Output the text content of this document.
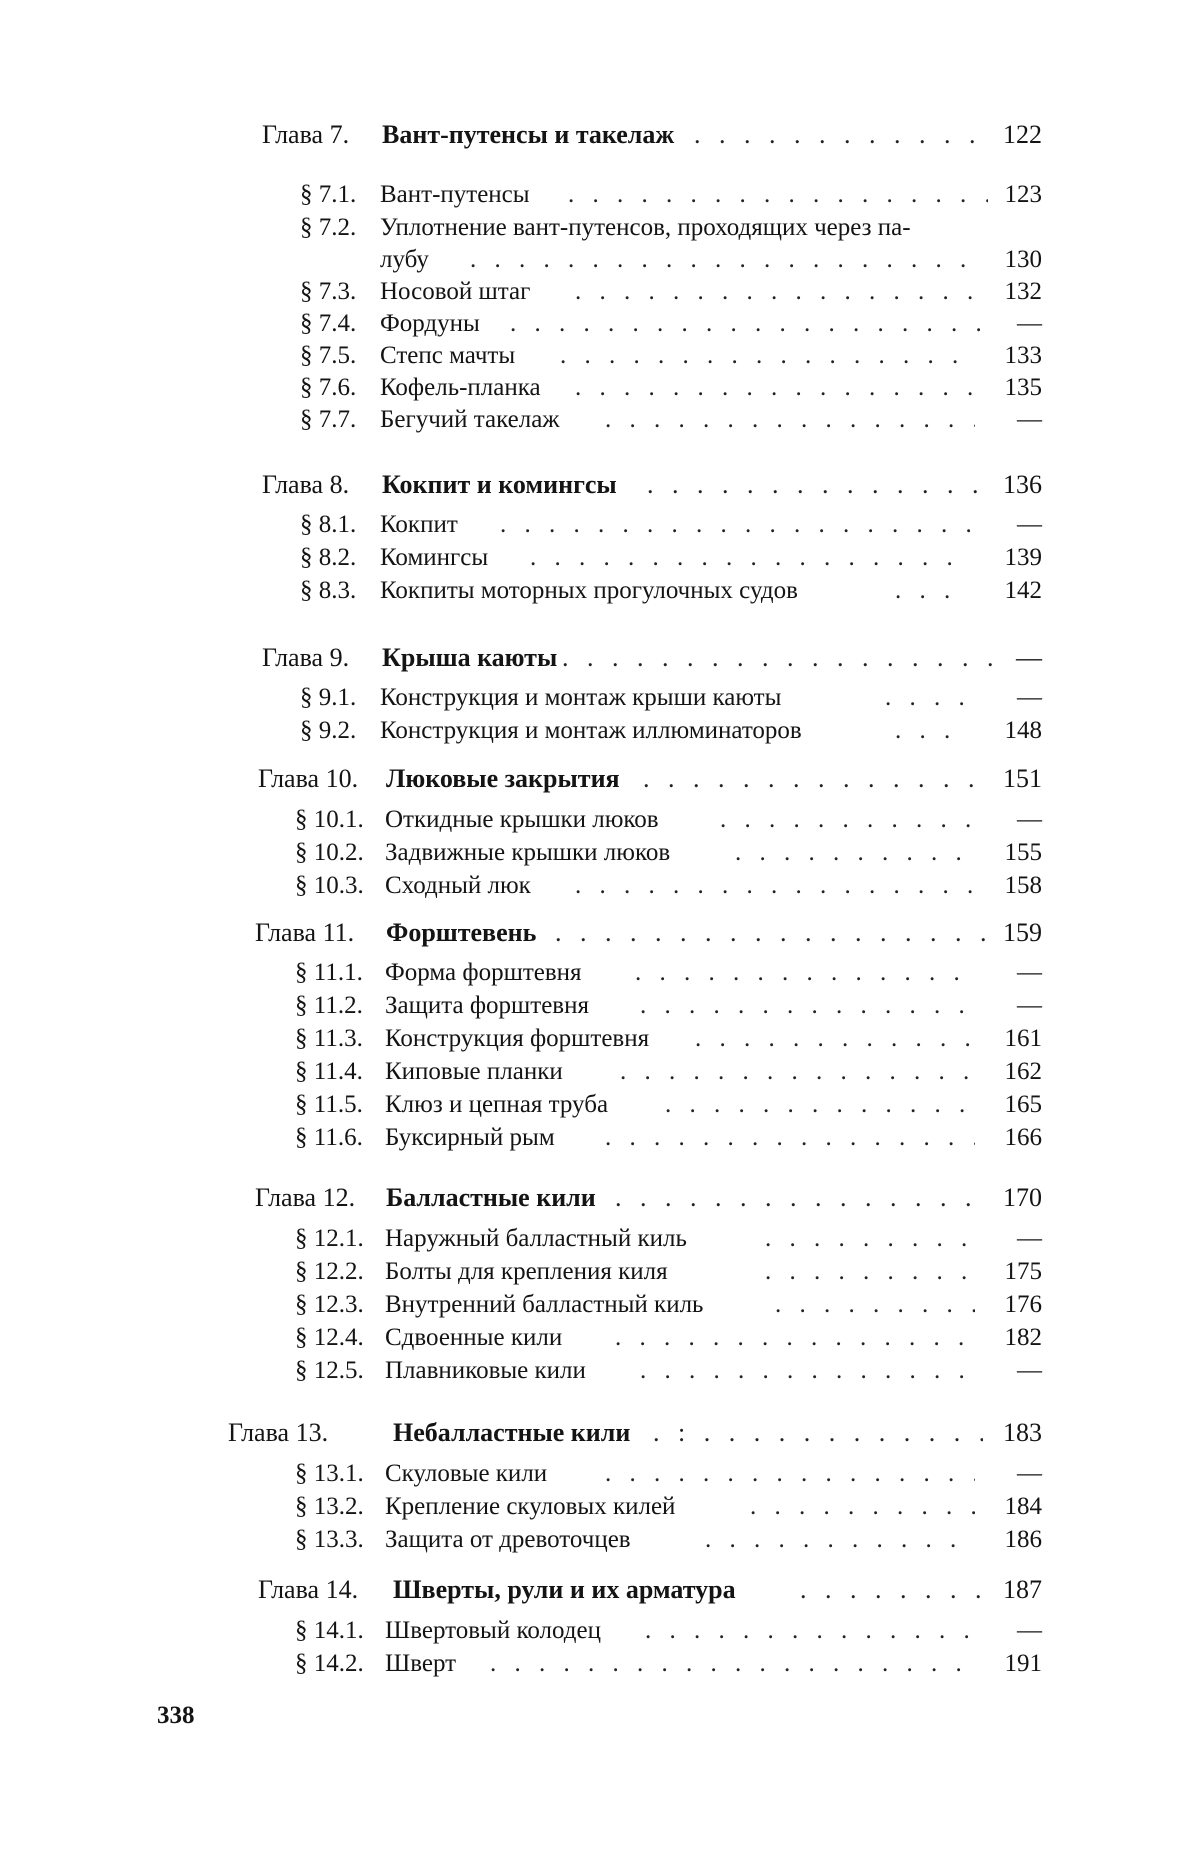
Глава 7. Вант-путенсы и такелаж . . . . . . . . . . . . 122
§ 7.1. Вант-путенсы . . . . . . . . . . . . . . . . .	123
§ 7.2. Уплотнение вант-путенсов, проходящих через па-
лубу . . . . . . . . . . . . . . . . . . . .	130
§ 7.3. Носовой штаг . . . . . . . . . . . . . . . .	132
§ 7.4. Фордуны . . . . . . . . . . . . . . . . . . .	—
§ 7.5. Степс мачты . . . . . . . . . . . . . . . . .	133
§ 7.6. Кофель-планка . . . . . . . . . . . . . . . .	135
§ 7.7. Бегучий такелаж . . . . . . . . . . . . . . .	—
Глава 8. Кокпит и комингсы . . . . . . . . . . . . . . 136
§ 8.1. Кокпит . . . . . . . . . . . . . . . . . . . .	—
§ 8.2. Комингсы . . . . . . . . . . . . . . . . . .	139
§ 8.3. Кокпиты моторных прогулочных судов	. . .	142
Глава 9. Крыша каюты . . . . . . . . . . . . . . . . .	—
§ 9.1. Конструкция и монтаж крыши каюты	. . . .	—
§ 9.2. Конструкция и монтаж иллюминаторов	. . .	148
Глава 10. Люковые закрытия . . . . . . . . . . . . . . 151
§ 10.1. Откидные крышки люков . . . . . . . . . .	—
§ 10.2. Задвижные крышки люков	. . . . . . . . . .	155
§ 10.3. Сходный люк . . . . . . . . . . . . . . . .	158
Глава 11. Форштевень . . . . . . . . . . . . . . . . .	159
§ 11.1. Форма форштевня . . . . . . . . . . . . . .	—
§ 11.2. Защита форштевня . . . . . . . . . . . . . .	—
§ 11.3. Конструкция форштевня . . . . . . . . . . .	161
§ 11.4. Киповые планки . . . . . . . . . . . . . . .	162
§ 11.5. Клюз и цепная труба . . . . . . . . . . . . .	165
§ 11.6. Буксирный рым . . . . . . . . . . . . . . .	166
Глава 12. Балластные кили . . . . . . . . . . . . . . . 170
§ 12.1. Наружный балластный киль	. . . . . . . . . . —
§ 12.2. Болты для крепления киля	. . . . . . . . . . 175
§ 12.3. Внутренний балластный киль	. . . . . . . .	176
§ 12.4. Сдвоенные кили . . . . . . . . . . . . . . .	182
§ 12.5. Плавниковые кили . . . . . . . . . . . . . .	—
Глава 13. Небалластные кили . : . . . . . . . . . . .	183
§ 13.1. Скуловые кили . . . . . . . . . . . . . . .	—
§ 13.2. Крепление скуловых килей	. . . . . . . . .	184
§ 13.3. Защита от древоточцев	. . . . . . . . . . .	186
Глава 14. Шверты, рули и их арматура . . . . . . . . 187
§ 14.1. Швертовый колодец . . . . . . . . . . . . . .	—
§ 14.2. Шверт . . . . . . . . . . . . . . . . . . . .	191
338
